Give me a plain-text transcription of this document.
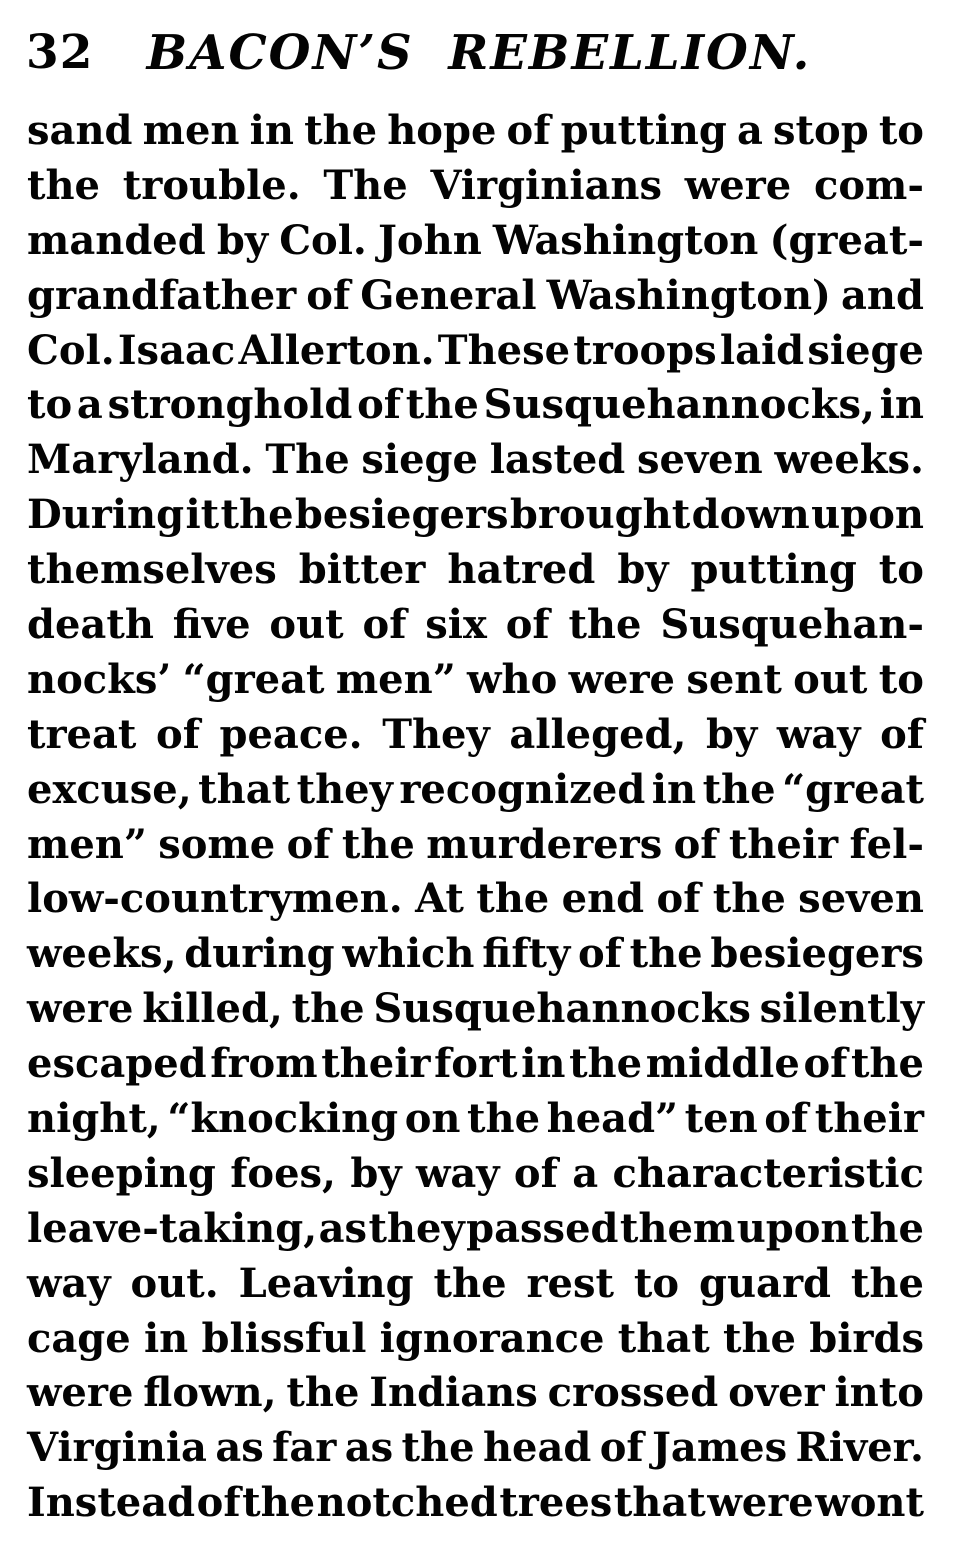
32	BACON’S REBELLION.
sand men in the hope of putting a stop to
the trouble. The Virginians were com-
manded by Col. John Washington (great-
grandfather of General Washington) and
Col. Isaac Allerton. These troops laid siege
to a stronghold of the Susquehannocks, in
Maryland. The siege lasted seven weeks.
During it the besiegers brought down upon
themselves bitter hatred by putting to
death five out of six of the Susquehan-
nocks’ “great men” who were sent out to
treat of peace. They alleged, by way of
excuse, that they recognized in the “great
men” some of the murderers of their fel-
low-countrymen. At the end of the seven
weeks, during which fifty of the besiegers
were killed, the Susquehannocks silently
escaped from their fort in the middle of the
night, “knocking on the head” ten of their
sleeping foes, by way of a characteristic
leave-taking, as they passed them upon the
way out. Leaving the rest to guard the
cage in blissful ignorance that the birds
were flown, the Indians crossed over into
Virginia as far as the head of James River.
Instead of the notched trees that were wont
